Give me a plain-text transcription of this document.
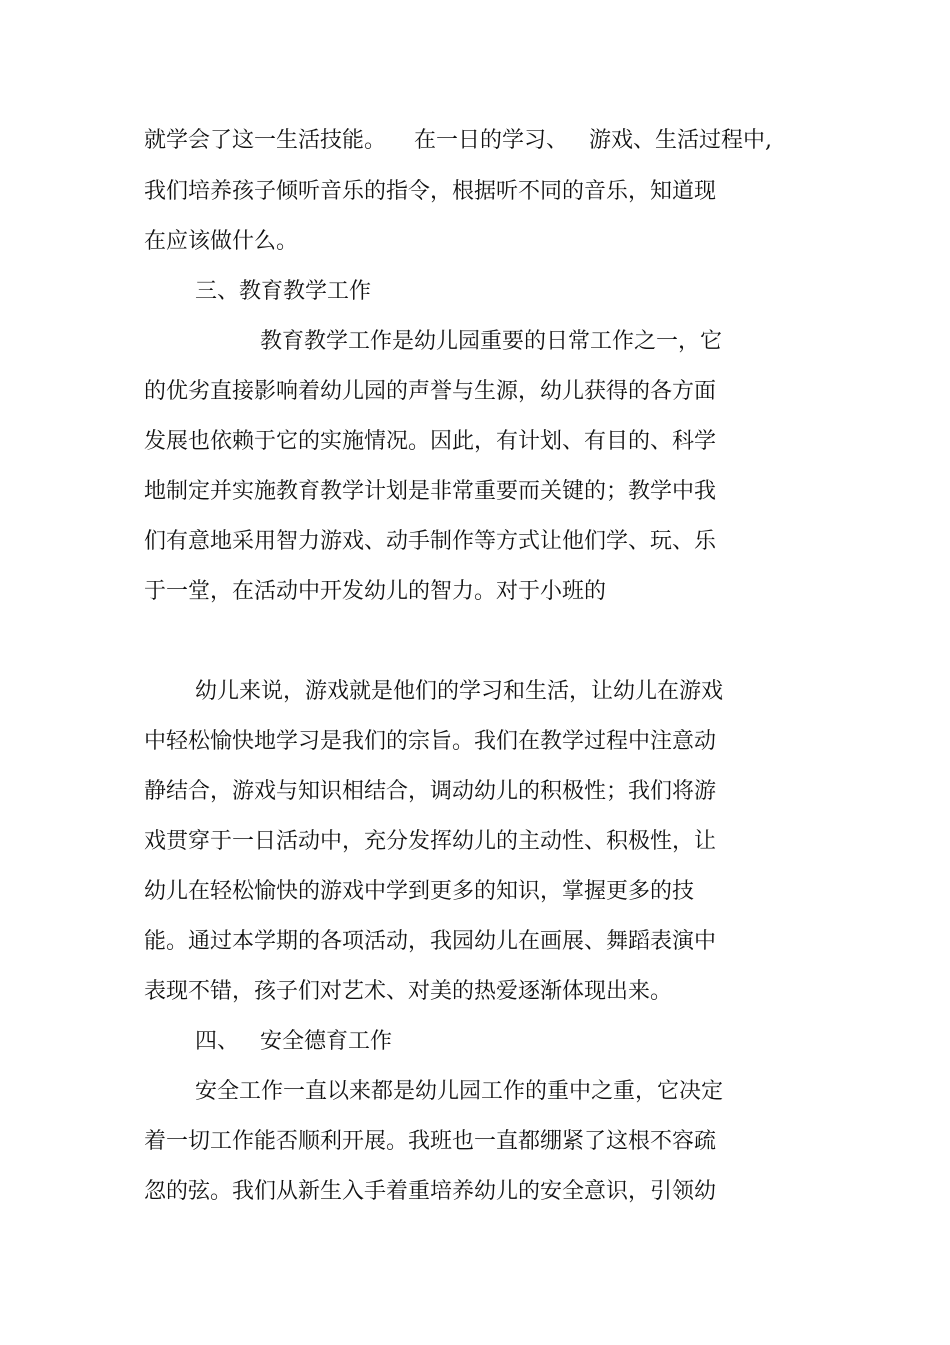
就学会了这一生活技能。    在一日的学习、   游戏、生活过程中,
我们培养孩子倾听音乐的指令，根据听不同的音乐，知道现
在应该做什么。
三、教育教学工作
教育教学工作是幼儿园重要的日常工作之一，它
的优劣直接影响着幼儿园的声誉与生源，幼儿获得的各方面
发展也依赖于它的实施情况。因此，有计划、有目的、科学
地制定并实施教育教学计划是非常重要而关键的；教学中我
们有意地采用智力游戏、动手制作等方式让他们学、玩、乐
于一堂，在活动中开发幼儿的智力。对于小班的
幼儿来说，游戏就是他们的学习和生活，让幼儿在游戏
中轻松愉快地学习是我们的宗旨。我们在教学过程中注意动
静结合，游戏与知识相结合，调动幼儿的积极性；我们将游
戏贯穿于一日活动中，充分发挥幼儿的主动性、积极性，让
幼儿在轻松愉快的游戏中学到更多的知识，掌握更多的技
能。通过本学期的各项活动，我园幼儿在画展、舞蹈表演中
表现不错，孩子们对艺术、对美的热爱逐渐体现出来。
四、   安全德育工作
安全工作一直以来都是幼儿园工作的重中之重，它决定
着一切工作能否顺利开展。我班也一直都绷紧了这根不容疏
忽的弦。我们从新生入手着重培养幼儿的安全意识，引领幼
